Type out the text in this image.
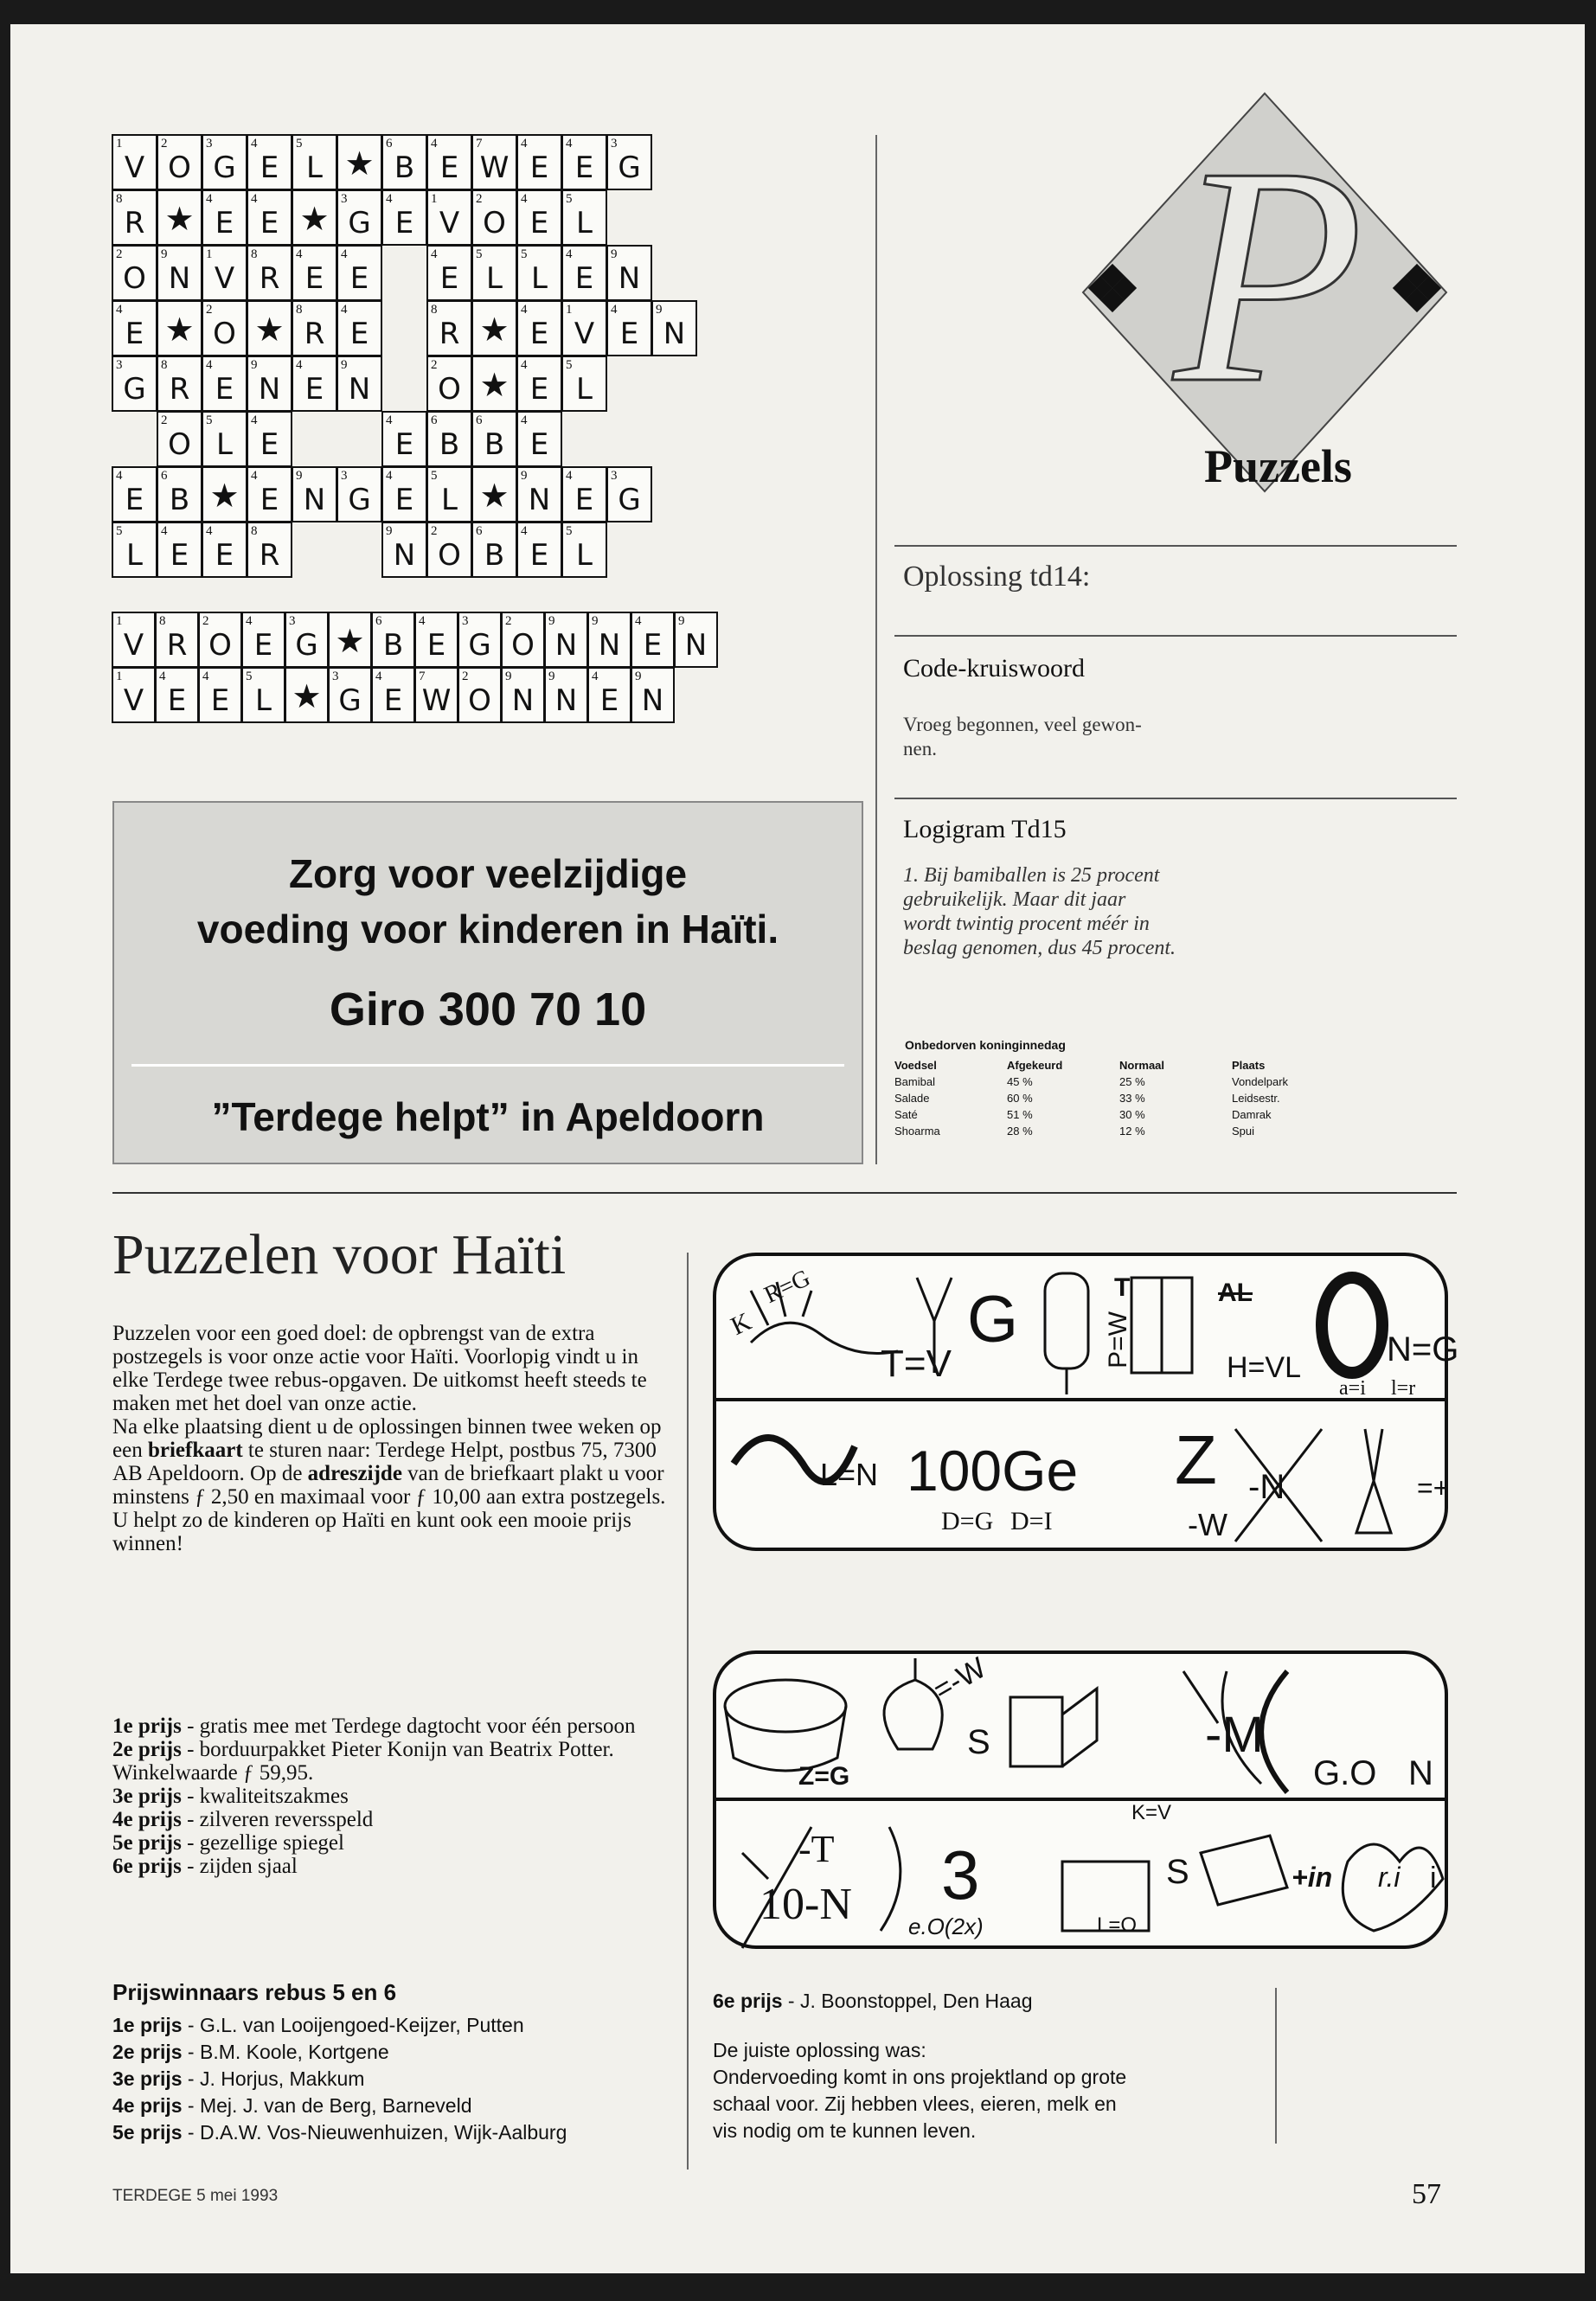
1
V
2
O
3
G
4
E
5
L ★
6
B
4
E
7
W
4
E
4
E
3
G
8
R ★
4
E
4
E ★
3
G
4
E
1
V
2
O
4
E
5
L
2
O
9
N
1
V
8
R
4
E
4
E
4
E
5
L
5
L
4
E
9
N
4
E ★
2
O ★
8
R
4
E
8
R ★
4
E
1
V
4
E
9
N
3
G
8
R
4
E
9
N
4
E
9
N
2
O ★
4
E
5
L
2
O
5
L
4
E
4
E
6
B
6
B
4
E
4
E
6
B ★
4
E
9
N
3
G
4
E
5
L ★
9
N
4
E
3
G
5
L
4
E
4
E
8
R
9
N
2
O
6
B
4
E
5
L
1
V
8
R
2
O
4
E
3
G ★
6
B
4
E
3
G
2
O
9
N
9
N
4
E
9
N
1
V
4
E
4
E
5
L ★
3
G
4
E
7
W
2
O
9
N
9
N
4
E
9
N
Zorg voor veelzijdige
voeding voor kinderen in Haïti.
Giro 300 70 10
”Terdege helpt” in Apeldoorn
P
Puzzels
Oplossing td14:
Code-kruiswoord
Vroeg begonnen, veel gewon-
nen.
Logigram Td15
1. Bij bamiballen is 25 procent
gebruikelijk. Maar dit jaar
wordt twintig procent méér in
beslag genomen, dus 45 procent.
Onbedorven koninginnedag
Voedsel	Afgekeurd	Normaal	Plaats
Bamibal	45 %	25 %	Vondelpark
Salade	60 %	33 %	Leidsestr.
Saté	51 %	30 %	Damrak
Shoarma	28 %	12 %	Spui
Puzzelen voor Haïti
Puzzelen voor een goed doel: de opbrengst van de extra postzegels is voor onze actie voor Haïti. Voorlopig vindt u in elke Terdege twee rebus-opgaven. De uitkomst heeft steeds te maken met het doel van onze actie.
Na elke plaatsing dient u de oplossingen binnen twee weken op een briefkaart te sturen naar: Terdege Helpt, postbus 75, 7300 AB Apeldoorn. Op de adreszijde van de briefkaart plakt u voor minstens ƒ 2,50 en maximaal voor ƒ 10,00 aan extra postzegels. U helpt zo de kinderen op Haïti en kunt ook een mooie prijs winnen!
1e prijs - gratis mee met Terdege dagtocht voor één persoon
2e prijs - borduurpakket Pieter Konijn van Beatrix Potter. Winkelwaarde ƒ 59,95.
3e prijs - kwaliteitszakmes
4e prijs - zilveren reversspeld
5e prijs - gezellige spiegel
6e prijs - zijden sjaal
Prijswinnaars rebus 5 en 6
1e prijs - G.L. van Looijengoed-Keijzer, Putten
2e prijs - B.M. Koole, Kortgene
3e prijs - J. Horjus, Makkum
4e prijs - Mej. J. van de Berg, Barneveld
5e prijs - D.A.W. Vos-Nieuwenhuizen, Wijk-Aalburg
K
R=G
T=V
G	P=W
T	AL
H=VL N=G
a=i l=r
L=N 100Ge
D=G D=I
Z -N
-W
=+
=-W
S
Z=G
-M
G.O N
-T
10-N 3
e.O(2x)
K=V
L=O
S	+in r.i i
6e prijs - J. Boonstoppel, Den Haag
De juiste oplossing was:
Ondervoeding komt in ons projektland op grote
schaal voor. Zij hebben vlees, eieren, melk en
vis nodig om te kunnen leven.
TERDEGE 5 mei 1993	57
